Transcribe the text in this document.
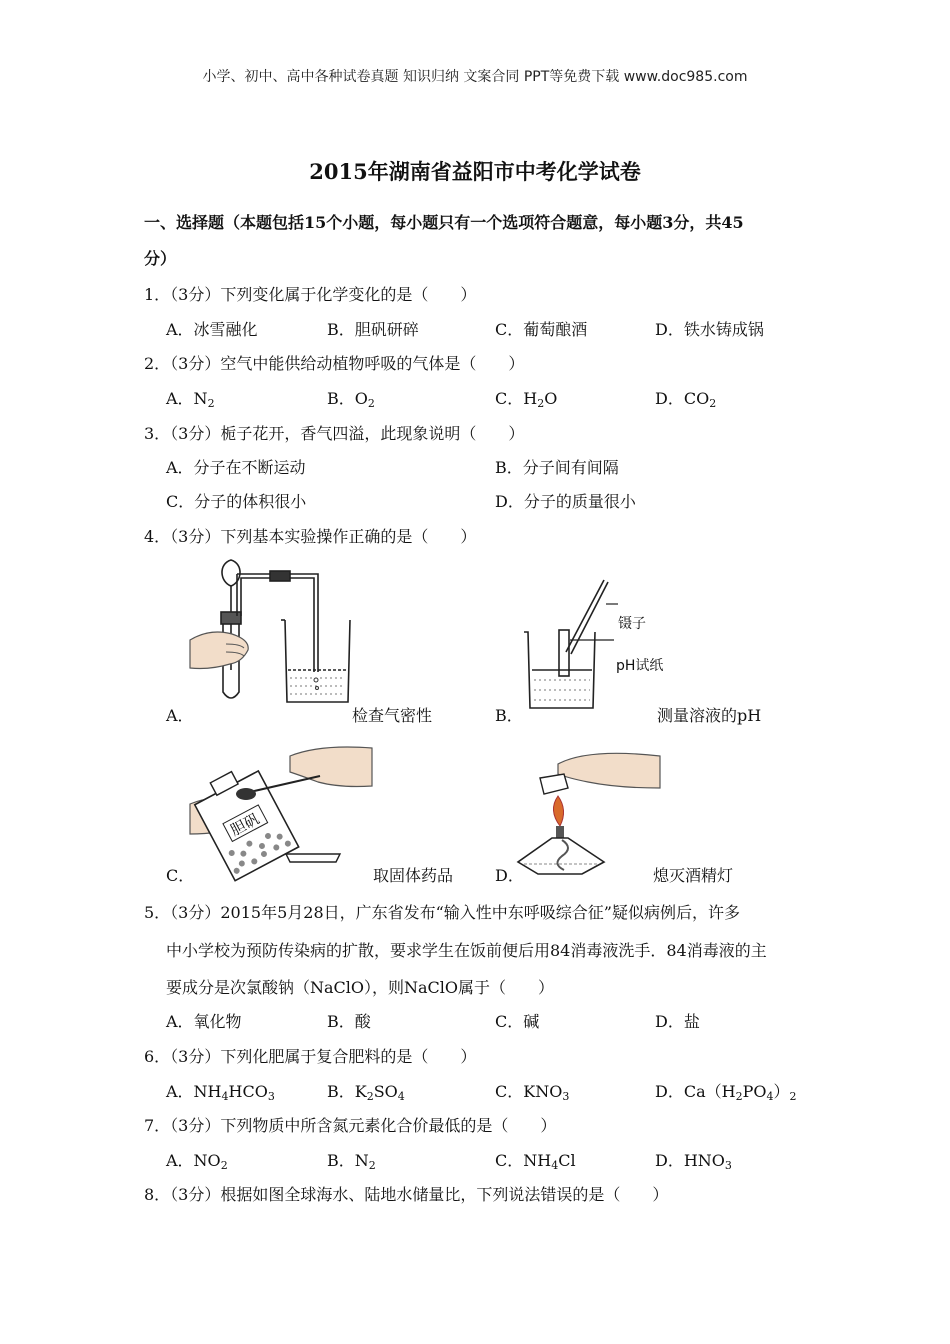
小学、初中、高中各种试卷真题 知识归纳 文案合同 PPT等免费下载 www.doc985.com
2015年湖南省益阳市中考化学试卷
一、选择题（本题包括15个小题，每小题只有一个选项符合题意，每小题3分，共45
分）
1．（3分）下列变化属于化学变化的是（　　）
A．冰雪融化	B．胆矾研碎	C．葡萄酿酒	D．铁水铸成锅
2．（3分）空气中能供给动植物呼吸的气体是（　　）
A．$N_2$	B．$O_2$	C．$H_2O$	D．$CO_2$
3．（3分）栀子花开，香气四溢，此现象说明（　　）
A．分子在不断运动	B．分子间有间隔
C．分子的体积很小	D．分子的质量很小
4．（3分）下列基本实验操作正确的是（　　）
A．	检查气密性
镊子
pH试纸
B．	测量溶液的pH
胆矾
C．	取固体药品	D．	熄灭酒精灯
5．（3分）2015年5月28日，广东省发布“输入性中东呼吸综合征”疑似病例后，许多
中小学校为预防传染病的扩散，要求学生在饭前便后用84消毒液洗手．84消毒液的主
要成分是次氯酸钠（NaClO），则NaClO属于（　　）
A．氧化物	B．酸	C．碱	D．盐
6．（3分）下列化肥属于复合肥料的是（　　）
A．$NH_4HCO_3$	B．$K_2SO_4$	C．$KNO_3$	D．$Ca(H_2PO_4)_2$
7．（3分）下列物质中所含氮元素化合价最低的是（　　）
A．$NO_2$	B．$N_2$	C．$NH_4Cl$	D．$HNO_3$
8．（3分）根据如图全球海水、陆地水储量比，下列说法错误的是（　　）
